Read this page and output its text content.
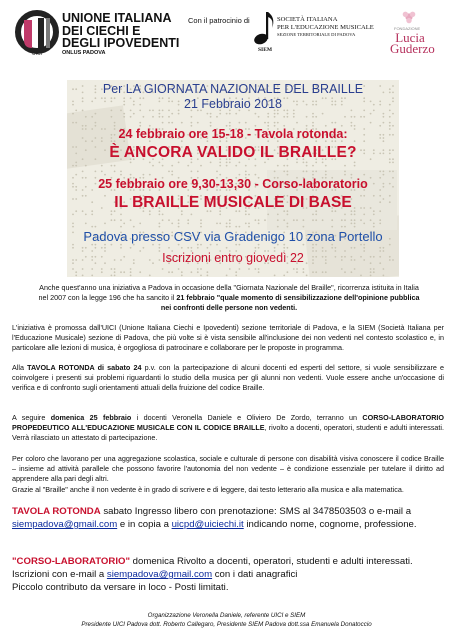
UICI
UNIONE ITALIANA
DEI CIECHI E
DEGLI IPOVEDENTI
ONLUS PADOVA
Con il patrocinio di
SIEM
SOCIETÀ ITALIANA
PER L'EDUCAZIONE MUSICALE
SEZIONE TERRITORIALE DI PADOVA
FONDAZIONE
Lucia
Guderzo
Per LA GIORNATA NAZIONALE DEL BRAILLE
21 Febbraio 2018
24 febbraio ore 15-18 - Tavola rotonda:
È ANCORA VALIDO IL BRAILLE?
25 febbraio ore 9,30-13,30 - Corso-laboratorio
IL BRAILLE MUSICALE DI BASE
Padova presso CSV via Gradenigo 10 zona Portello
Iscrizioni entro giovedì 22
Anche quest'anno una iniziativa a Padova in occasione della "Giornata Nazionale del Braille", ricorrenza istituita in Italia nel 2007 con la legge 196 che ha sancito il 21 febbraio "quale momento di sensibilizzazione dell'opinione pubblica nei confronti delle persone non vedenti.
L'iniziativa è promossa dall'UICI (Unione Italiana Ciechi e Ipovedenti) sezione territoriale di Padova, e la SIEM (Società Italiana per l'Educazione Musicale) sezione di Padova, che più volte si è vista sensibile all'inclusione dei non vedenti nel contesto scolastico e, in particolare alle lezioni di musica, è orgogliosa di patrocinare e collaborare per le proposte in programma.
Alla TAVOLA ROTONDA di sabato 24 p.v. con la partecipazione di alcuni docenti ed esperti del settore, si vuole sensibilizzare e coinvolgere i presenti sui problemi riguardanti lo studio della musica per gli alunni non vedenti. Vuole essere anche un'occasione di verifica e di confronto sugli orientamenti attuali della fruizione del codice Braille.
A seguire domenica 25 febbraio i docenti Veronella Daniele e Oliviero De Zordo, terranno un CORSO-LABORATORIO PROPEDEUTICO ALL'EDUCAZIONE MUSICALE CON IL CODICE BRAILLE, rivolto a docenti, operatori, studenti e adulti interessati. Verrà rilasciato un attestato di partecipazione.
Per coloro che lavorano per una aggregazione scolastica, sociale e culturale di persone con disabilità visiva conoscere il codice Braille – insieme ad attività parallele che possono favorire l'autonomia del non vedente – è condizione essenziale per tutelare il diritto ad apprendere alla pari degli altri.
Grazie al "Braille" anche il non vedente è in grado di scrivere e di leggere, dai testo letterario alla musica e alla matematica.
TAVOLA ROTONDA sabato Ingresso libero con prenotazione: SMS al 3478503503 o e-mail a siempadova@gmail.com e in copia a uicpd@uiciechi.it indicando nome, cognome, professione.
"CORSO-LABORATORIO" domenica Rivolto a docenti, operatori, studenti e adulti interessati. Iscrizioni con e-mail a siempadova@gmail.com con i dati anagrafici
Piccolo contributo da versare in loco - Posti limitati.
Organizzazione Veronella Daniele, referente UICI e SIEM
Presidente UICI Padova dott. Roberto Callegaro, Presidente SIEM Padova dott.ssa Emanuela Donatoccio
